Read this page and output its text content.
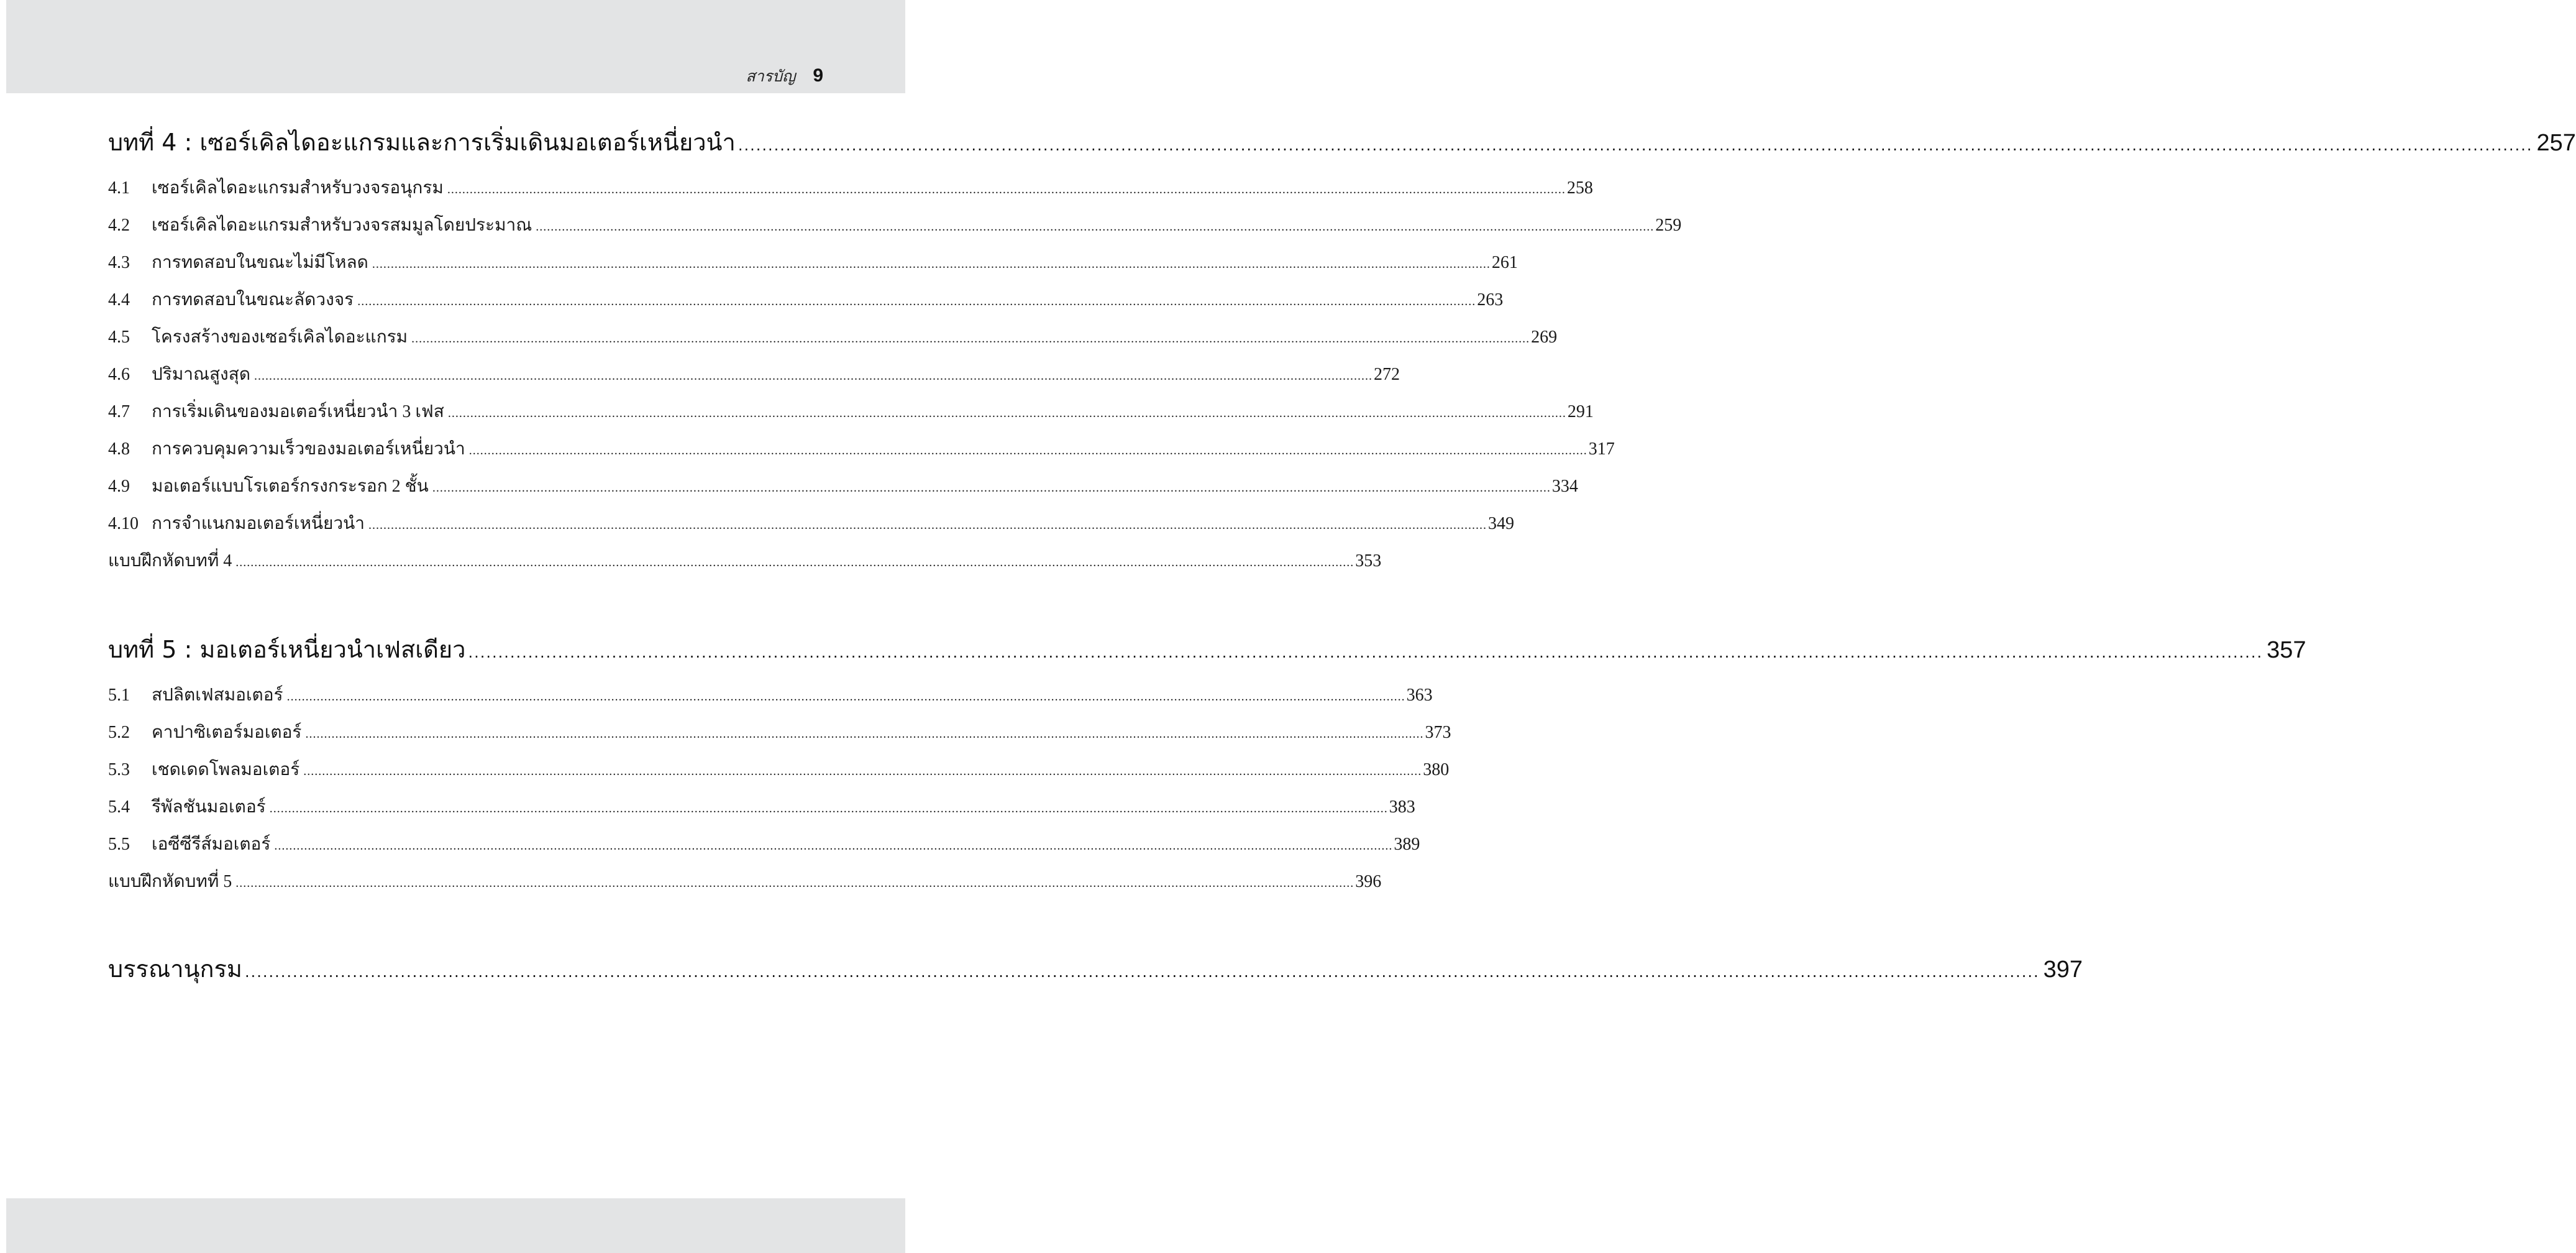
สารบัญ 9
บทที่ 4 : เซอร์เคิลไดอะแกรมและการเริ่มเดินมอเตอร์เหนี่ยวนำ ............................................................................................................................................................................................................................................................................................................ 257
4.1	เซอร์เคิลไดอะแกรมสำหรับวงจรอนุกรม ............................................................................................................................................................................................................................................................................................................ 258
4.2	เซอร์เคิลไดอะแกรมสำหรับวงจรสมมูลโดยประมาณ ............................................................................................................................................................................................................................................................................................................ 259
4.3	การทดสอบในขณะไม่มีโหลด ............................................................................................................................................................................................................................................................................................................ 261
4.4	การทดสอบในขณะลัดวงจร ............................................................................................................................................................................................................................................................................................................ 263
4.5	โครงสร้างของเซอร์เคิลไดอะแกรม ............................................................................................................................................................................................................................................................................................................ 269
4.6	ปริมาณสูงสุด ............................................................................................................................................................................................................................................................................................................ 272
4.7	การเริ่มเดินของมอเตอร์เหนี่ยวนำ 3 เฟส ............................................................................................................................................................................................................................................................................................................ 291
4.8	การควบคุมความเร็วของมอเตอร์เหนี่ยวนำ ............................................................................................................................................................................................................................................................................................................ 317
4.9	มอเตอร์แบบโรเตอร์กรงกระรอก 2 ชั้น ............................................................................................................................................................................................................................................................................................................ 334
4.10 การจำแนกมอเตอร์เหนี่ยวนำ ............................................................................................................................................................................................................................................................................................................ 349
แบบฝึกหัดบทที่ 4 ............................................................................................................................................................................................................................................................................................................ 353
บทที่ 5 : มอเตอร์เหนี่ยวนำเฟสเดียว ............................................................................................................................................................................................................................................................................................................ 357
5.1	สปลิตเฟสมอเตอร์ ............................................................................................................................................................................................................................................................................................................ 363
5.2	คาปาซิเตอร์มอเตอร์ ............................................................................................................................................................................................................................................................................................................ 373
5.3	เชดเดดโพลมอเตอร์ ............................................................................................................................................................................................................................................................................................................ 380
5.4	รีพัลชันมอเตอร์ ............................................................................................................................................................................................................................................................................................................ 383
5.5	เอซีซีรีส์มอเตอร์ ............................................................................................................................................................................................................................................................................................................ 389
แบบฝึกหัดบทที่ 5 ............................................................................................................................................................................................................................................................................................................ 396
บรรณานุกรม ............................................................................................................................................................................................................................................................................................................ 397
